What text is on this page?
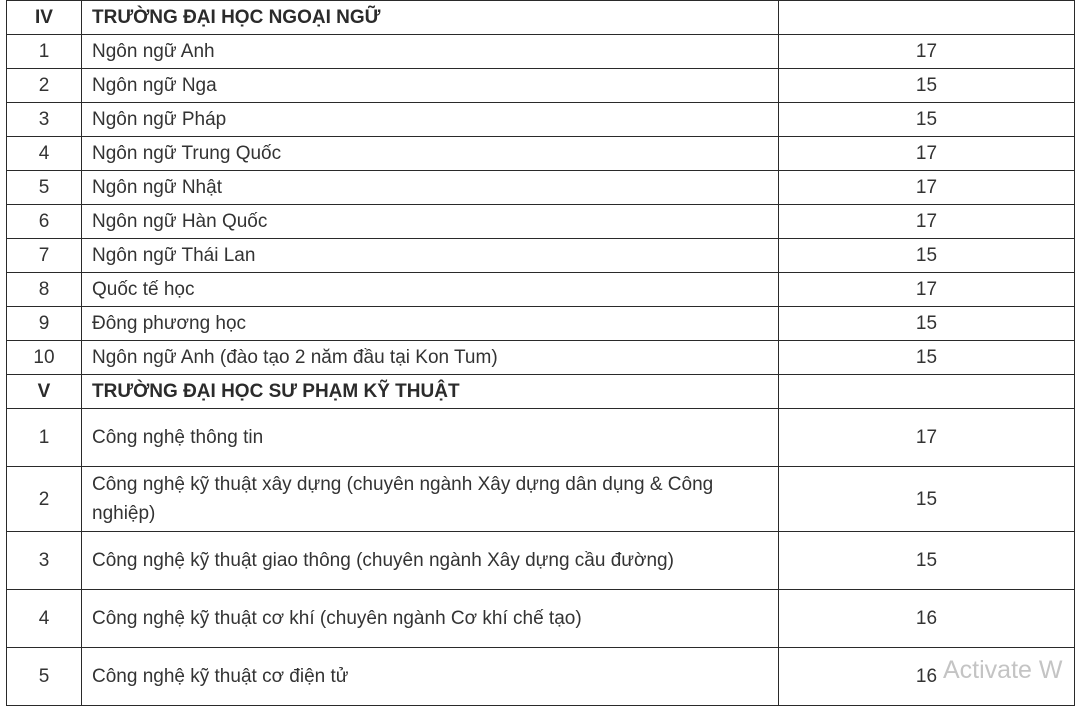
IV	TRƯỜNG ĐẠI HỌC NGOẠI NGỮ	
1	Ngôn ngữ Anh	17
2	Ngôn ngữ Nga	15
3	Ngôn ngữ Pháp	15
4	Ngôn ngữ Trung Quốc	17
5	Ngôn ngữ Nhật	17
6	Ngôn ngữ Hàn Quốc	17
7	Ngôn ngữ Thái Lan	15
8	Quốc tế học	17
9	Đông phương học	15
10	Ngôn ngữ Anh (đào tạo 2 năm đầu tại Kon Tum)	15
V	TRƯỜNG ĐẠI HỌC SƯ PHẠM KỸ THUẬT	
1	Công nghệ thông tin	17
2	Công nghệ kỹ thuật xây dựng (chuyên ngành Xây dựng dân dụng & Công nghiệp)	15
3	Công nghệ kỹ thuật giao thông (chuyên ngành Xây dựng cầu đường)	15
4	Công nghệ kỹ thuật cơ khí (chuyên ngành Cơ khí chế tạo)	16
5	Công nghệ kỹ thuật cơ điện tử	16 Activate W
